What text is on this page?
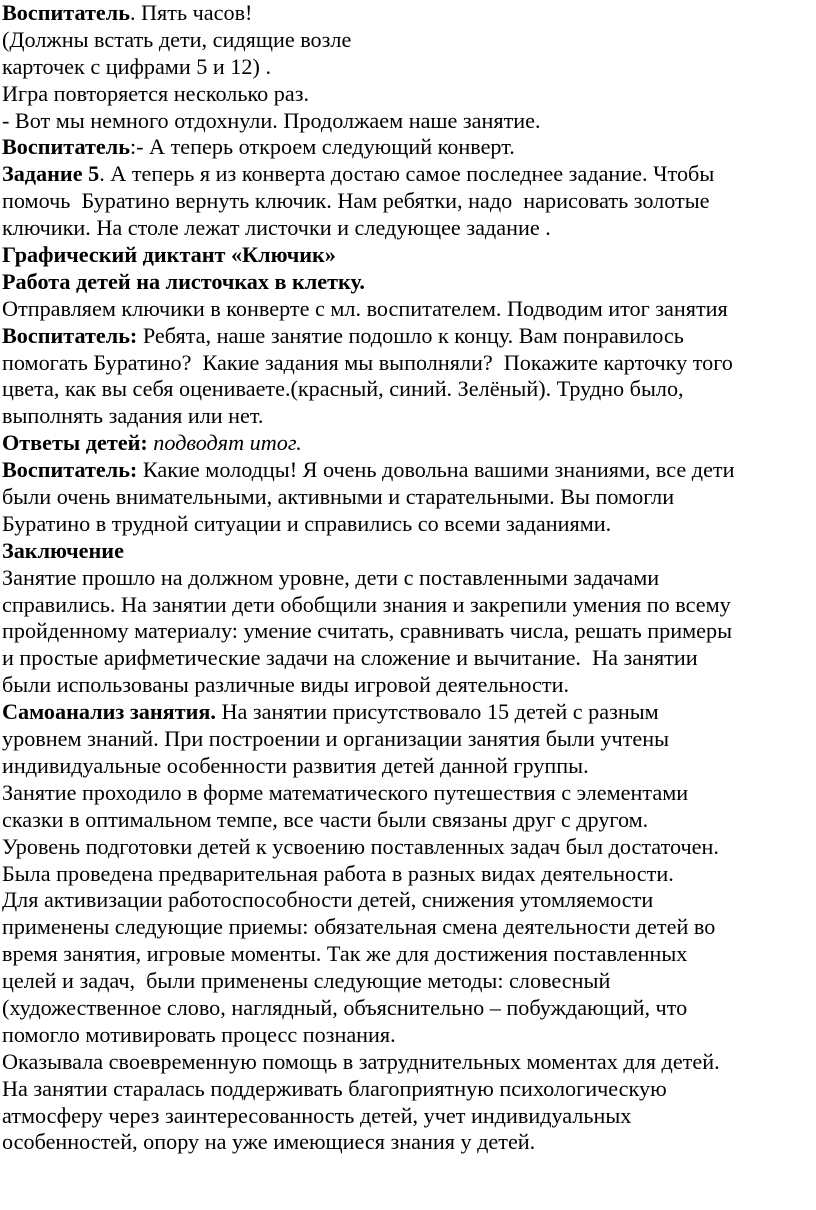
Воспитатель. Пять часов!
(Должны встать дети, сидящие возле
карточек с цифрами 5 и 12) .
Игра повторяется несколько раз.
- Вот мы немного отдохнули. Продолжаем наше занятие.
Воспитатель:- А теперь откроем следующий конверт.
Задание 5. А теперь я из конверта достаю самое последнее задание. Чтобы
помочь  Буратино вернуть ключик. Нам ребятки, надо  нарисовать золотые
ключики. На столе лежат листочки и следующее задание .
Графический диктант «Ключик»
Работа детей на листочках в клетку.
Отправляем ключики в конверте с мл. воспитателем. Подводим итог занятия
Воспитатель: Ребята, наше занятие подошло к концу. Вам понравилось
помогать Буратино?  Какие задания мы выполняли?  Покажите карточку того
цвета, как вы себя оцениваете.(красный, синий. Зелёный). Трудно было,
выполнять задания или нет.
Ответы детей: подводят итог.
Воспитатель: Какие молодцы! Я очень довольна вашими знаниями, все дети
были очень внимательными, активными и старательными. Вы помогли
Буратино в трудной ситуации и справились со всеми заданиями.
Заключение
Занятие прошло на должном уровне, дети с поставленными задачами
справились. На занятии дети обобщили знания и закрепили умения по всему
пройденному материалу: умение считать, сравнивать числа, решать примеры
и простые арифметические задачи на сложение и вычитание.  На занятии
были использованы различные виды игровой деятельности.
Самоанализ занятия. На занятии присутствовало 15 детей с разным
уровнем знаний. При построении и организации занятия были учтены
индивидуальные особенности развития детей данной группы.
Занятие проходило в форме математического путешествия с элементами
сказки в оптимальном темпе, все части были связаны друг с другом.
Уровень подготовки детей к усвоению поставленных задач был достаточен.
Была проведена предварительная работа в разных видах деятельности.
Для активизации работоспособности детей, снижения утомляемости
применены следующие приемы: обязательная смена деятельности детей во
время занятия, игровые моменты. Так же для достижения поставленных
целей и задач,  были применены следующие методы: словесный
(художественное слово, наглядный, объяснительно – побуждающий, что
помогло мотивировать процесс познания.
Оказывала своевременную помощь в затруднительных моментах для детей.
На занятии старалась поддерживать благоприятную психологическую
атмосферу через заинтересованность детей, учет индивидуальных
особенностей, опору на уже имеющиеся знания у детей.
